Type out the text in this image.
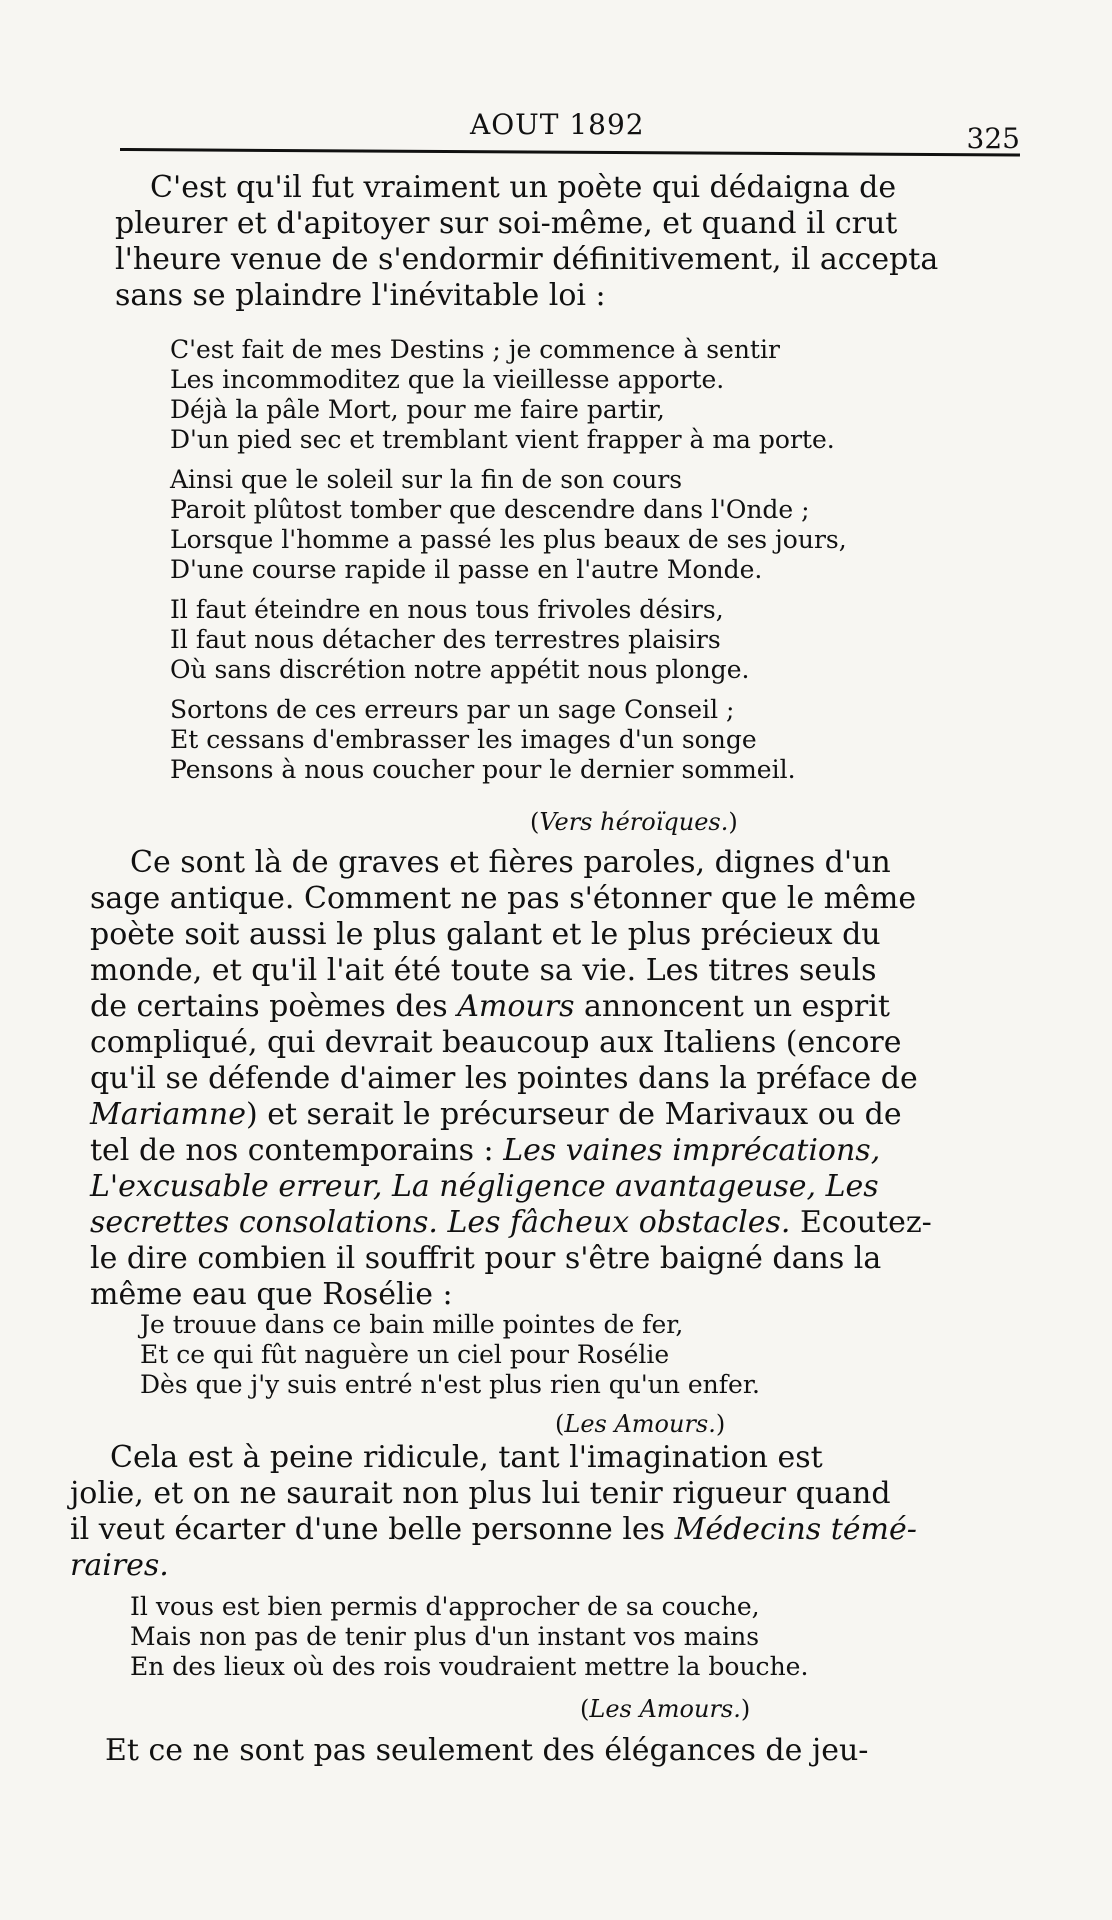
AOUT 1892	325
C'est qu'il fut vraiment un poète qui dédaigna de
pleurer et d'apitoyer sur soi-même, et quand il crut
l'heure venue de s'endormir définitivement, il accepta
sans se plaindre l'inévitable loi :
C'est fait de mes Destins ; je commence à sentir
Les incommoditez que la vieillesse apporte.
Déjà la pâle Mort, pour me faire partir,
D'un pied sec et tremblant vient frapper à ma porte.
Ainsi que le soleil sur la fin de son cours
Paroit plûtost tomber que descendre dans l'Onde ;
Lorsque l'homme a passé les plus beaux de ses jours,
D'une course rapide il passe en l'autre Monde.
Il faut éteindre en nous tous frivoles désirs,
Il faut nous détacher des terrestres plaisirs
Où sans discrétion notre appétit nous plonge.
Sortons de ces erreurs par un sage Conseil ;
Et cessans d'embrasser les images d'un songe
Pensons à nous coucher pour le dernier sommeil.
(Vers héroïques.)
Ce sont là de graves et fières paroles, dignes d'un
sage antique. Comment ne pas s'étonner que le même
poète soit aussi le plus galant et le plus précieux du
monde, et qu'il l'ait été toute sa vie. Les titres seuls
de certains poèmes des Amours annoncent un esprit
compliqué, qui devrait beaucoup aux Italiens (encore
qu'il se défende d'aimer les pointes dans la préface de
Mariamne) et serait le précurseur de Marivaux ou de
tel de nos contemporains : Les vaines imprécations,
L'excusable erreur, La négligence avantageuse, Les
secrettes consolations. Les fâcheux obstacles. Ecoutez-
le dire combien il souffrit pour s'être baigné dans la
même eau que Rosélie :
Je trouue dans ce bain mille pointes de fer,
Et ce qui fût naguère un ciel pour Rosélie
Dès que j'y suis entré n'est plus rien qu'un enfer.
(Les Amours.)
Cela est à peine ridicule, tant l'imagination est
jolie, et on ne saurait non plus lui tenir rigueur quand
il veut écarter d'une belle personne les Médecins témé-
raires.
Il vous est bien permis d'approcher de sa couche,
Mais non pas de tenir plus d'un instant vos mains
En des lieux où des rois voudraient mettre la bouche.
(Les Amours.)
Et ce ne sont pas seulement des élégances de jeu-
